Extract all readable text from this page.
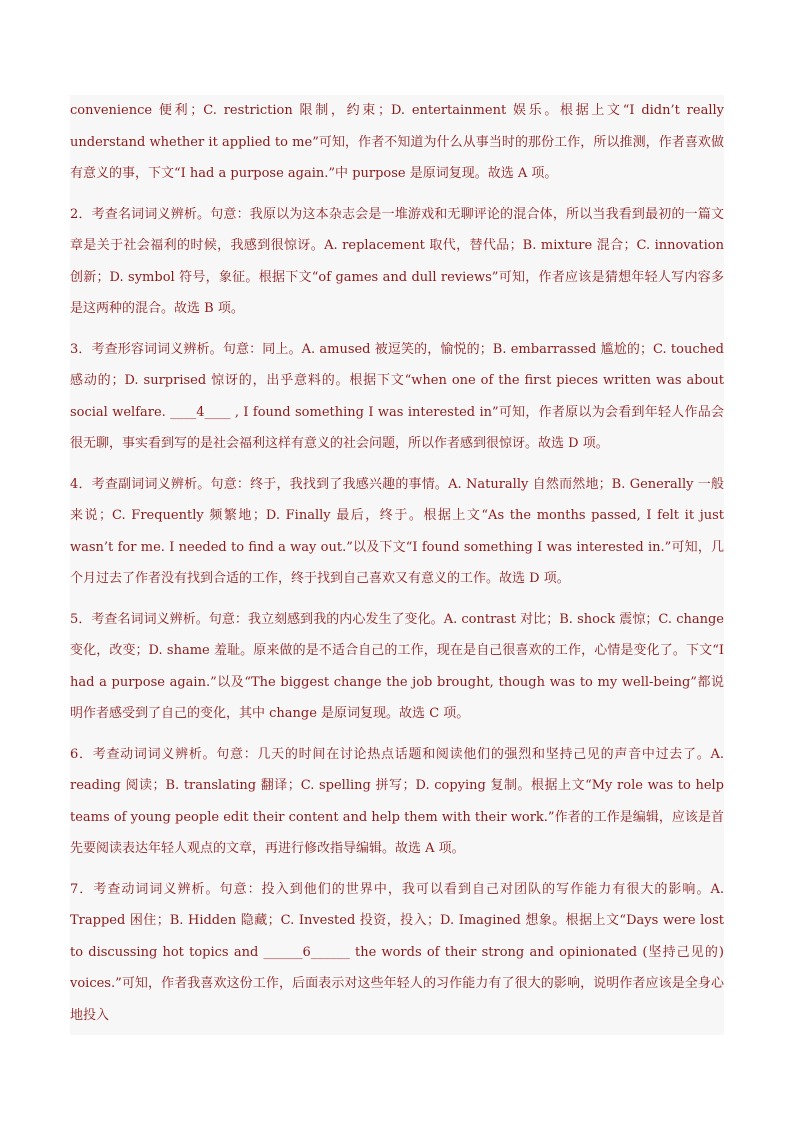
convenience 便利；C. restriction 限制，约束；D. entertainment 娱乐。根据上文“I didn’t really understand whether it applied to me”可知，作者不知道为什么从事当时的那份工作，所以推测，作者喜欢做有意义的事，下文“I had a purpose again.”中 purpose 是原词复现。故选 A 项。

2．考查名词词义辨析。句意：我原以为这本杂志会是一堆游戏和无聊评论的混合体，所以当我看到最初的一篇文章是关于社会福利的时候，我感到很惊讶。A. replacement 取代，替代品；B. mixture 混合；C. innovation 创新；D. symbol 符号，象征。根据下文“of games and dull reviews”可知，作者应该是猜想年轻人写内容多是这两种的混合。故选 B 项。

3．考查形容词词义辨析。句意：同上。A. amused 被逗笑的，愉悦的；B. embarrassed 尴尬的；C. touched 感动的；D. surprised 惊讶的，出乎意料的。根据下文“when one of the first pieces written was about social welfare. ____4____ , I found something I was interested in”可知，作者原以为会看到年轻人作品会很无聊，事实看到写的是社会福利这样有意义的社会问题，所以作者感到很惊讶。故选 D 项。

4．考查副词词义辨析。句意：终于，我找到了我感兴趣的事情。A. Naturally 自然而然地；B. Generally 一般来说；C. Frequently 频繁地；D. Finally 最后，终于。根据上文“As the months passed, I felt it just wasn’t for me. I needed to find a way out.”以及下文“I found something I was interested in.”可知，几个月过去了作者没有找到合适的工作，终于找到自己喜欢又有意义的工作。故选 D 项。

5．考查名词词义辨析。句意：我立刻感到我的内心发生了变化。A. contrast 对比；B. shock 震惊；C. change 变化，改变；D. shame 羞耻。原来做的是不适合自己的工作，现在是自己很喜欢的工作，心情是变化了。下文“I had a purpose again.”以及“The biggest change the job brought, though was to my well-being”都说明作者感受到了自己的变化，其中 change 是原词复现。故选 C 项。

6．考查动词词义辨析。句意：几天的时间在讨论热点话题和阅读他们的强烈和坚持己见的声音中过去了。A. reading 阅读；B. translating 翻译；C. spelling 拼写；D. copying 复制。根据上文“My role was to help teams of young people edit their content and help them with their work.”作者的工作是编辑，应该是首先要阅读表达年轻人观点的文章，再进行修改指导编辑。故选 A 项。

7．考查动词词义辨析。句意：投入到他们的世界中，我可以看到自己对团队的写作能力有很大的影响。A. Trapped 困住；B. Hidden 隐藏；C. Invested 投资，投入；D. Imagined 想象。根据上文“Days were lost to discussing hot topics and ______6______ the words of their strong and opinionated (坚持己见的) voices.”可知，作者我喜欢这份工作，后面表示对这些年轻人的习作能力有了很大的影响，说明作者应该是全身心地投入
